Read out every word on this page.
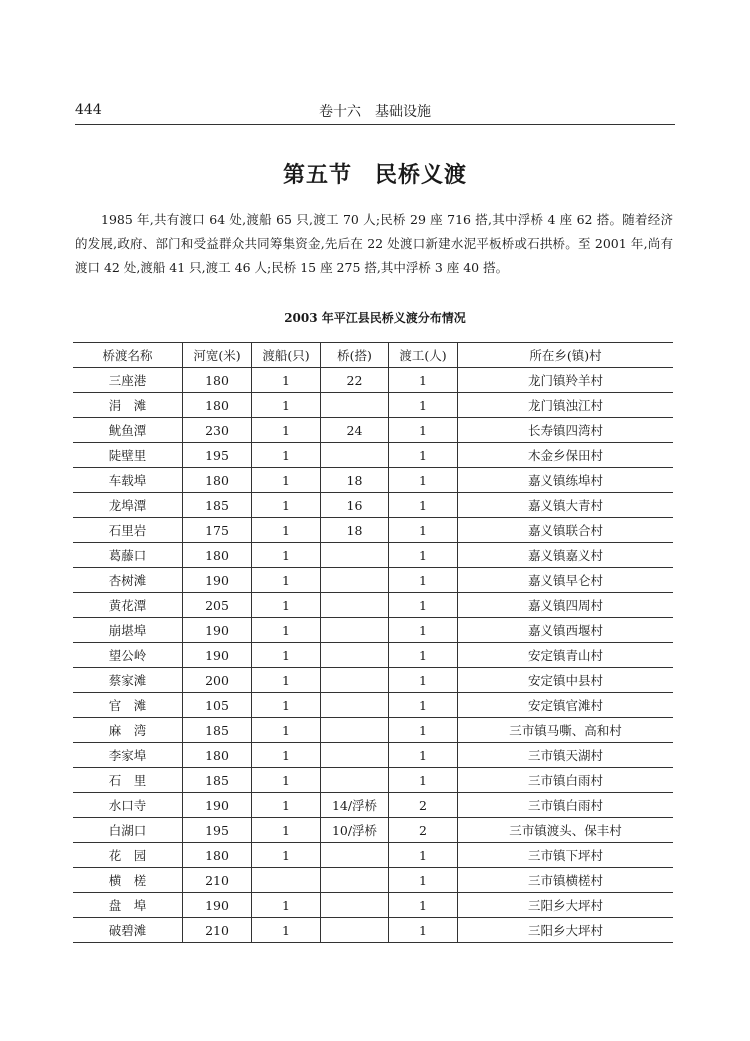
444	卷十六　基础设施
第五节　民桥义渡
1985 年,共有渡口 64 处,渡船 65 只,渡工 70 人;民桥 29 座 716 搭,其中浮桥 4 座 62 搭。随着经济的发展,政府、部门和受益群众共同筹集资金,先后在 22 处渡口新建水泥平板桥或石拱桥。至 2001 年,尚有渡口 42 处,渡船 41 只,渡工 46 人;民桥 15 座 275 搭,其中浮桥 3 座 40 搭。
2003 年平江县民桥义渡分布情况
桥渡名称	河宽(米)	渡船(只)	桥(搭)	渡工(人)	所在乡(镇)村
三座港	180	1	22	1	龙门镇羚羊村
涓　滩	180	1		1	龙门镇浊江村
鱿鱼潭	230	1	24	1	长寿镇四湾村
陡壁里	195	1		1	木金乡保田村
车载埠	180	1	18	1	嘉义镇练埠村
龙埠潭	185	1	16	1	嘉义镇大青村
石里岩	175	1	18	1	嘉义镇联合村
葛藤口	180	1		1	嘉义镇嘉义村
杏树滩	190	1		1	嘉义镇早仑村
黄花潭	205	1		1	嘉义镇四周村
崩堪埠	190	1		1	嘉义镇西堰村
望公岭	190	1		1	安定镇青山村
蔡家滩	200	1		1	安定镇中县村
官　滩	105	1		1	安定镇官滩村
麻　湾	185	1		1	三市镇马嘶、高和村
李家埠	180	1		1	三市镇天湖村
石　里	185	1		1	三市镇白雨村
水口寺	190	1	14/浮桥	2	三市镇白雨村
白湖口	195	1	10/浮桥	2	三市镇渡头、保丰村
花　园	180	1		1	三市镇下坪村
横　槎	210			1	三市镇横槎村
盘　埠	190	1		1	三阳乡大坪村
破碧滩	210	1		1	三阳乡大坪村
